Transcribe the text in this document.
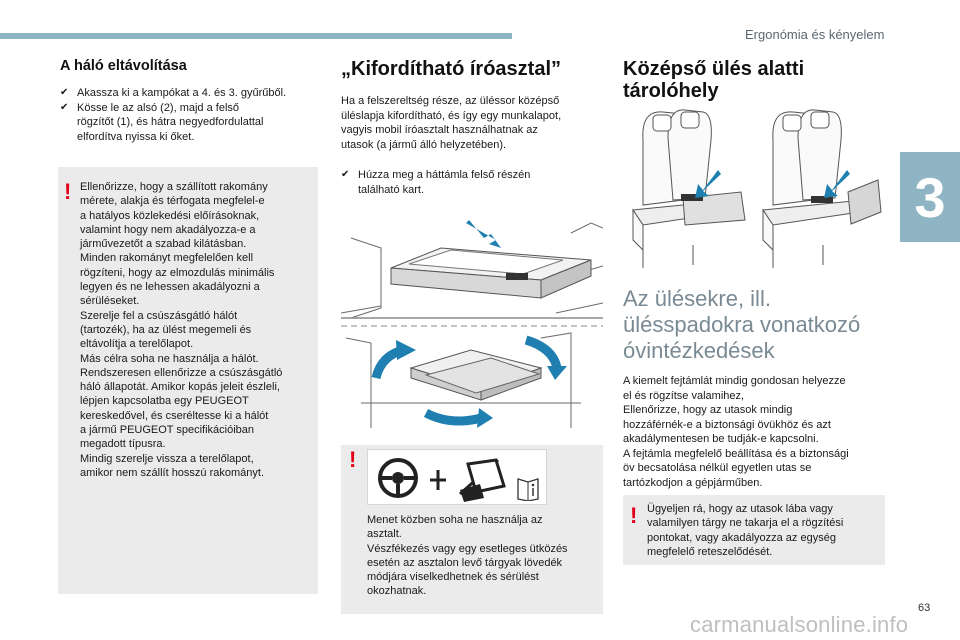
Ergonómia és kényelem
3
63
carmanualsonline.info
A háló eltávolítása
✔ Akassza ki a kampókat a 4. és 3. gyűrűből.
✔ Kösse le az alsó (2), majd a felső
rögzítőt (1), és hátra negyedfordulattal
elfordítva nyissa ki őket.
! Ellenőrizze, hogy a szállított rakomány
mérete, alakja és térfogata megfelel-e
a hatályos közlekedési előírásoknak,
valamint hogy nem akadályozza-e a
járművezetőt a szabad kilátásban.
Minden rakományt megfelelően kell
rögzíteni, hogy az elmozdulás minimális
legyen és ne lehessen akadályozni a
sérüléseket.
Szerelje fel a csúszásgátló hálót
(tartozék), ha az ülést megemeli és
eltávolítja a terelőlapot.
Más célra soha ne használja a hálót.
Rendszeresen ellenőrizze a csúszásgátló
háló állapotát. Amikor kopás jeleit észleli,
lépjen kapcsolatba egy PEUGEOT
kereskedővel, és cseréltesse ki a hálót
a jármű PEUGEOT specifikációiban
megadott típusra.
Mindig szerelje vissza a terelőlapot,
amikor nem szállít hosszú rakományt.
„Kifordítható íróasztal”
Ha a felszereltség része, az üléssor középső
üléslapja kifordítható, és így egy munkalapot,
vagyis mobil íróasztalt használhatnak az
utasok (a jármű álló helyzetében).
✔ Húzza meg a háttámla felső részén
található kart.
!
Menet közben soha ne használja az
asztalt.
Vészfékezés vagy egy esetleges ütközés
esetén az asztalon levő tárgyak lövedék
módjára viselkedhetnek és sérülést
okozhatnak.
Középső ülés alatti
tárolóhely
Az ülésekre, ill.
ülésspadokra vonatkozó
óvintézkedések
A kiemelt fejtámlát mindig gondosan helyezze
el és rögzítse valamihez,
Ellenőrizze, hogy az utasok mindig
hozzáférnék-e a biztonsági övükhöz és azt
akadálymentesen be tudják-e kapcsolni.
A fejtámla megfelelő beállítása és a biztonsági
öv becsatolása nélkül egyetlen utas se
tartózkodjon a gépjárműben.
! Ügyeljen rá, hogy az utasok lába vagy
valamilyen tárgy ne takarja el a rögzítési
pontokat, vagy akadályozza az egység
megfelelő reteszelődését.
